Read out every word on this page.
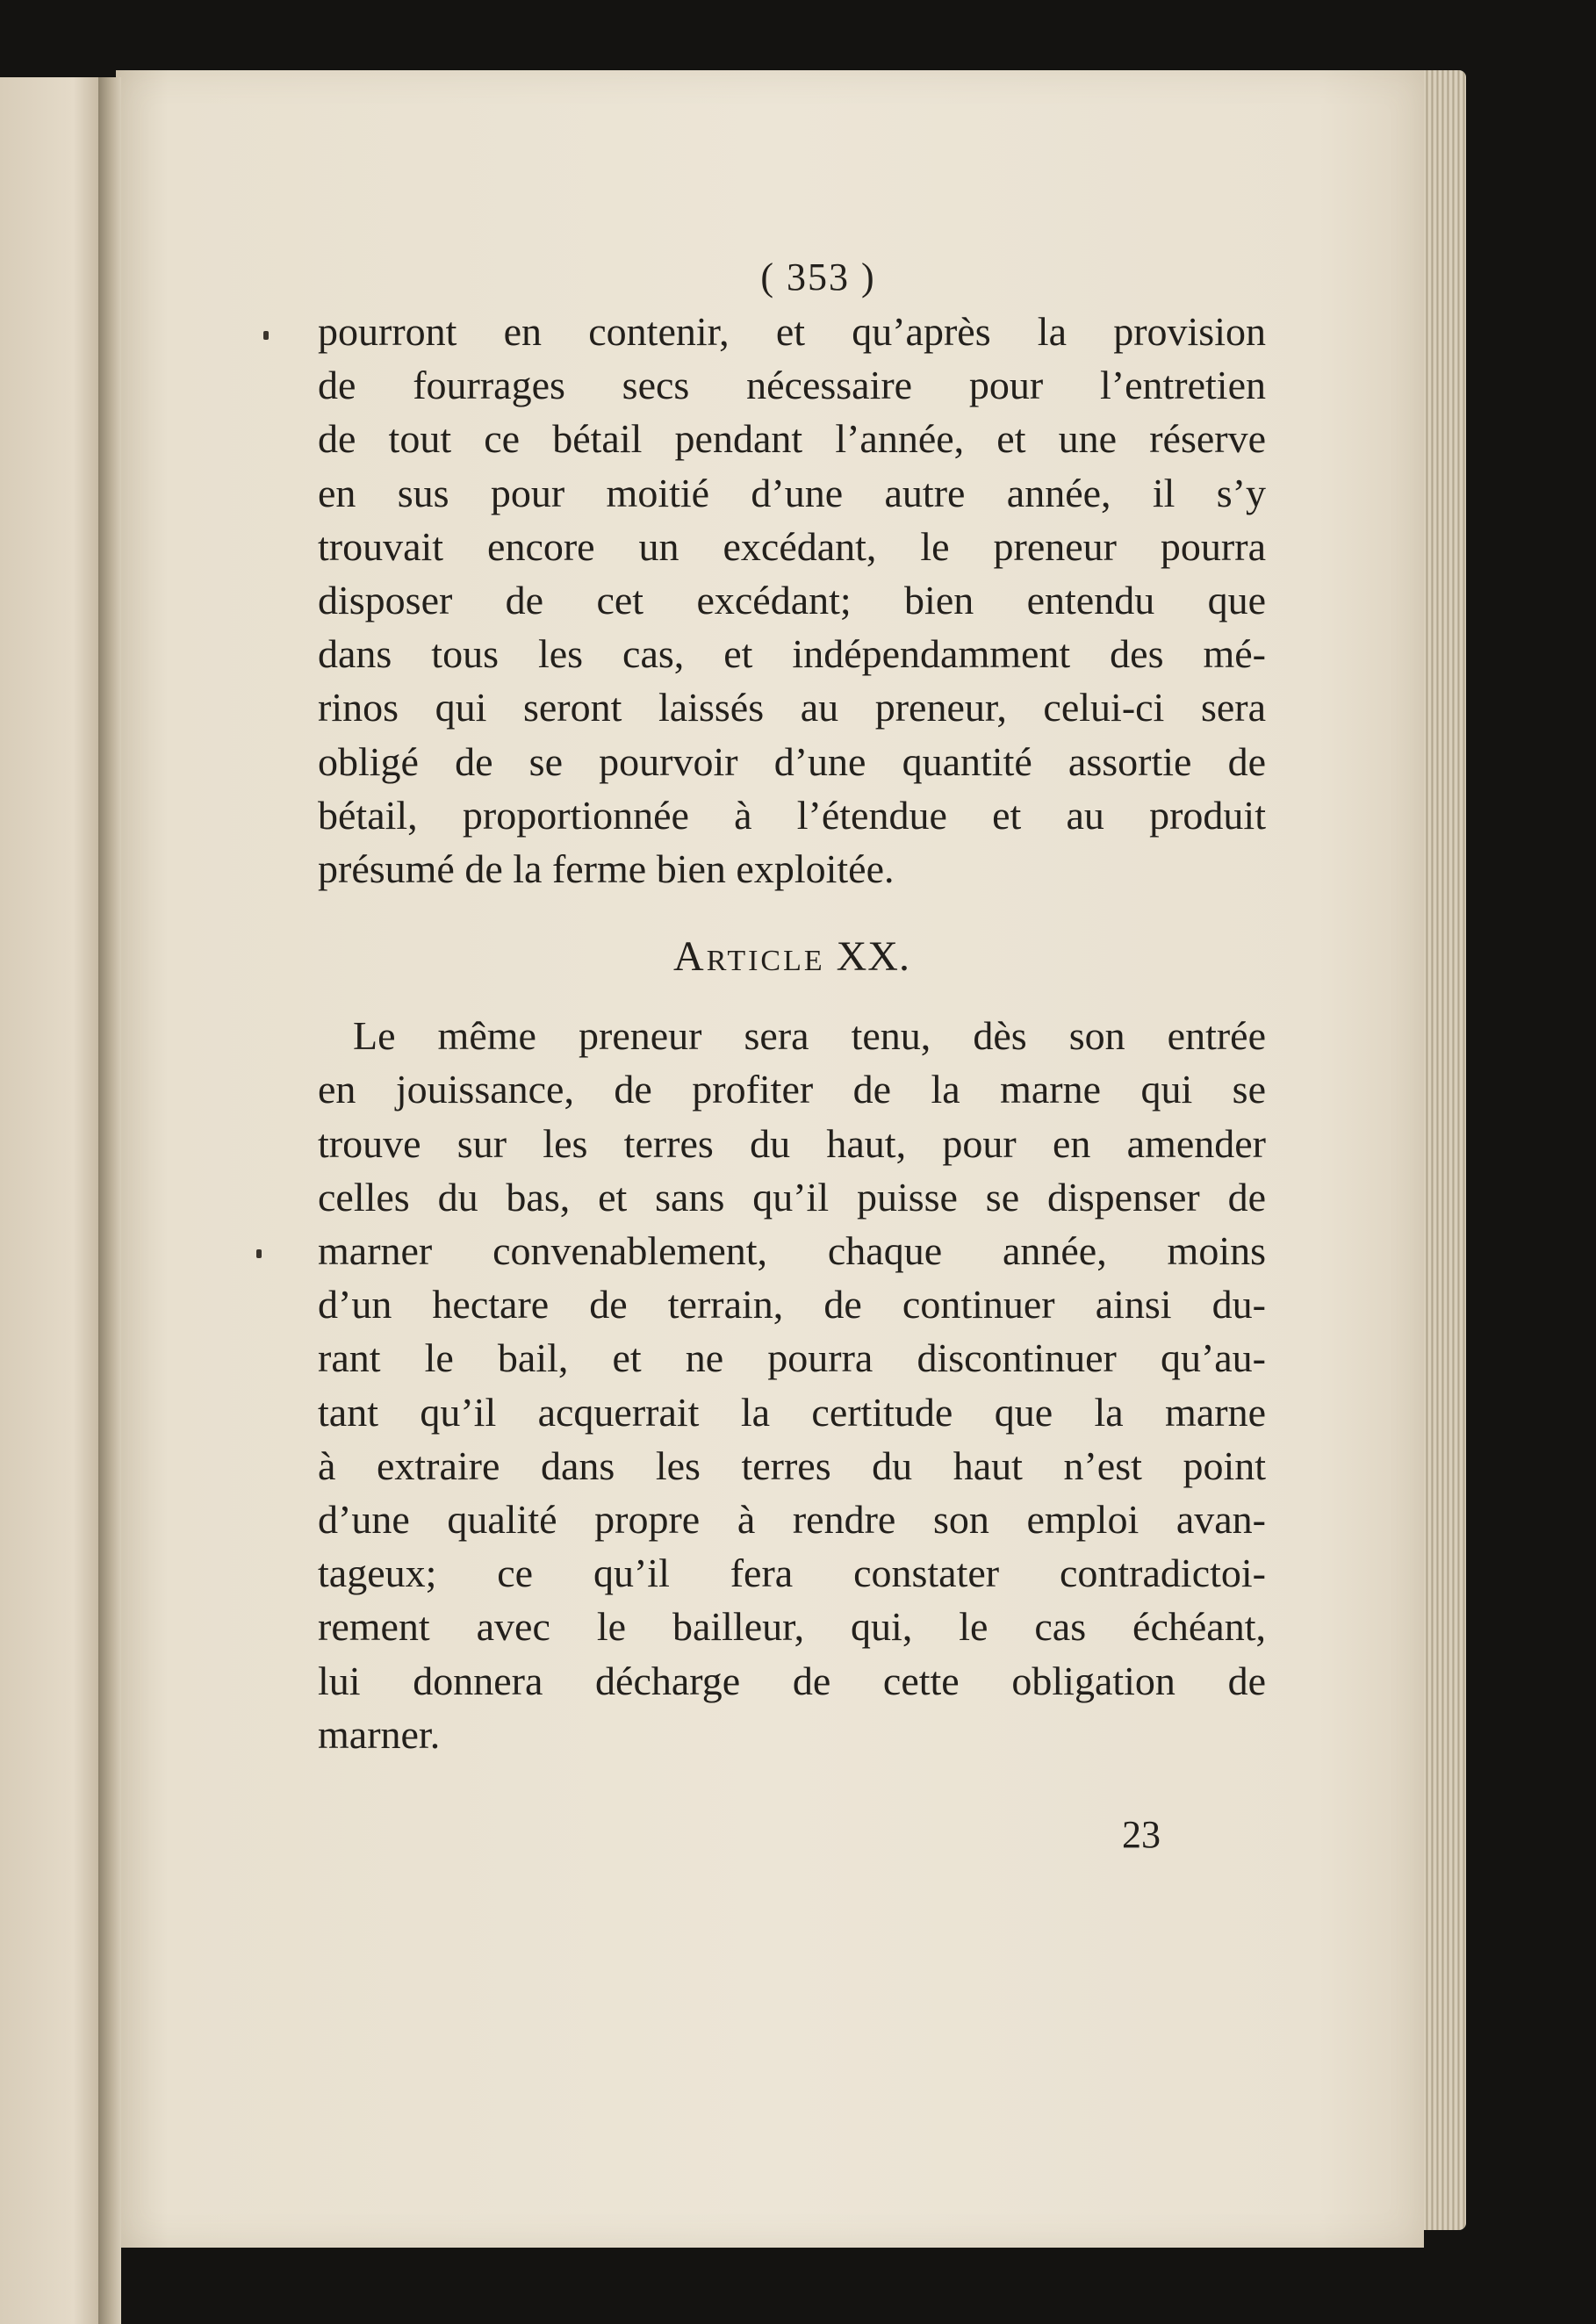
( 353 )
pourront en contenir, et qu’après la provision
de fourrages secs nécessaire pour l’entretien
de tout ce bétail pendant l’année, et une réserve
en sus pour moitié d’une autre année, il s’y
trouvait encore un excédant, le preneur pourra
disposer de cet excédant; bien entendu que
dans tous les cas, et indépendamment des mé-
rinos qui seront laissés au preneur, celui-ci sera
obligé de se pourvoir d’une quantité assortie de
bétail, proportionnée à l’étendue et au produit
présumé de la ferme bien exploitée.
Article XX.
Le même preneur sera tenu, dès son entrée
en jouissance, de profiter de la marne qui se
trouve sur les terres du haut, pour en amender
celles du bas, et sans qu’il puisse se dispenser de
marner convenablement, chaque année, moins
d’un hectare de terrain, de continuer ainsi du-
rant le bail, et ne pourra discontinuer qu’au-
tant qu’il acquerrait la certitude que la marne
à extraire dans les terres du haut n’est point
d’une qualité propre à rendre son emploi avan-
tageux; ce qu’il fera constater contradictoi-
rement avec le bailleur, qui, le cas échéant,
lui donnera décharge de cette obligation de
marner.
23
